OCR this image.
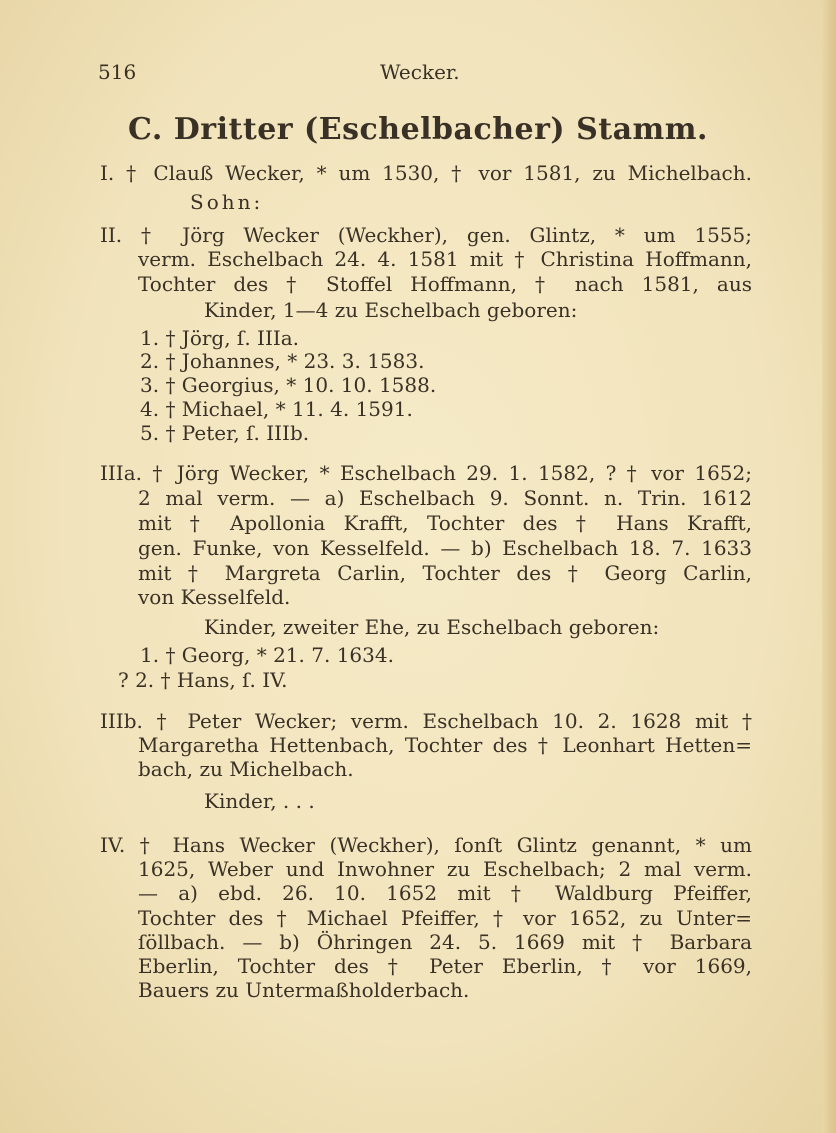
516	Wecker.
C. Dritter (Eschelbacher) Stamm.
I. † Clauß Wecker, * um 1530, † vor 1581, zu Michelbach.
Sohn:
II. † Jörg Wecker (Weckher), gen. Glintz, * um 1555;
verm. Eschelbach 24. 4. 1581 mit † Christina Hoffmann,
Tochter des † Stoffel Hoffmann, † nach 1581, aus
Kinder, 1—4 zu Eschelbach geboren:
1. † Jörg, ſ. IIIa.
2. † Johannes, * 23. 3. 1583.
3. † Georgius, * 10. 10. 1588.
4. † Michael, * 11. 4. 1591.
5. † Peter, ſ. IIIb.
IIIa. † Jörg Wecker, * Eschelbach 29. 1. 1582, ? † vor 1652;
2 mal verm. — a) Eschelbach 9. Sonnt. n. Trin. 1612
mit † Apollonia Krafft, Tochter des † Hans Krafft,
gen. Funke, von Kesselfeld. — b) Eschelbach 18. 7. 1633
mit † Margreta Carlin, Tochter des † Georg Carlin,
von Kesselfeld.
Kinder, zweiter Ehe, zu Eschelbach geboren:
1. † Georg, * 21. 7. 1634.
? 2. † Hans, ſ. IV.
IIIb. † Peter Wecker; verm. Eschelbach 10. 2. 1628 mit †
Margaretha Hettenbach, Tochter des † Leonhart Hetten=
bach, zu Michelbach.
Kinder, . . .
IV. † Hans Wecker (Weckher), ſonſt Glintz genannt, * um
1625, Weber und Inwohner zu Eschelbach; 2 mal verm.
— a) ebd. 26. 10. 1652 mit † Waldburg Pfeiffer,
Tochter des † Michael Pfeiffer, † vor 1652, zu Unter=
ſöllbach. — b) Öhringen 24. 5. 1669 mit † Barbara
Eberlin, Tochter des † Peter Eberlin, † vor 1669,
Bauers zu Untermaßholderbach.
